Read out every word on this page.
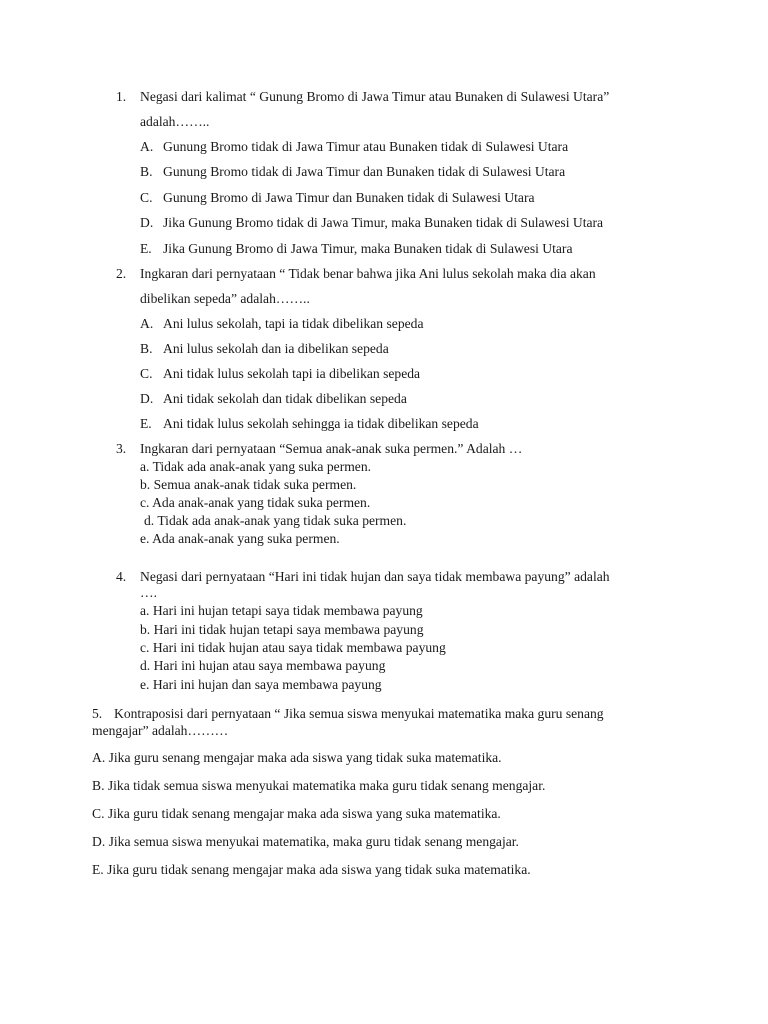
1. Negasi dari kalimat “ Gunung Bromo di Jawa Timur atau Bunaken di Sulawesi Utara”
adalah……..
A. Gunung Bromo tidak di Jawa Timur atau Bunaken tidak di Sulawesi Utara
B. Gunung Bromo tidak di Jawa Timur dan Bunaken tidak di Sulawesi Utara
C. Gunung Bromo di Jawa Timur dan Bunaken tidak di Sulawesi Utara
D. Jika Gunung Bromo tidak di Jawa Timur, maka Bunaken tidak di Sulawesi Utara
E. Jika Gunung Bromo di Jawa Timur, maka Bunaken tidak di Sulawesi Utara
2. Ingkaran dari pernyataan “ Tidak benar bahwa jika Ani lulus sekolah maka dia akan
dibelikan sepeda” adalah……..
A. Ani lulus sekolah, tapi ia tidak dibelikan sepeda
B. Ani lulus sekolah dan ia dibelikan sepeda
C. Ani tidak lulus sekolah tapi ia dibelikan sepeda
D. Ani tidak sekolah dan tidak dibelikan sepeda
E. Ani tidak lulus sekolah sehingga ia tidak dibelikan sepeda
3. Ingkaran dari pernyataan “Semua anak-anak suka permen.” Adalah …
a. Tidak ada anak-anak yang suka permen.
b. Semua anak-anak tidak suka permen.
c. Ada anak-anak yang tidak suka permen.
d. Tidak ada anak-anak yang tidak suka permen.
e. Ada anak-anak yang suka permen.
4. Negasi dari pernyataan “Hari ini tidak hujan dan saya tidak membawa payung” adalah
….
a. Hari ini hujan tetapi saya tidak membawa payung
b. Hari ini tidak hujan tetapi saya membawa payung
c. Hari ini tidak hujan atau saya tidak membawa payung
d. Hari ini hujan atau saya membawa payung
e. Hari ini hujan dan saya membawa payung
5. Kontraposisi dari pernyataan “ Jika semua siswa menyukai matematika maka guru senang
mengajar” adalah………
A. Jika guru senang mengajar maka ada siswa yang tidak suka matematika.
B. Jika tidak semua siswa menyukai matematika maka guru tidak senang mengajar.
C. Jika guru tidak senang mengajar maka ada siswa yang suka matematika.
D. Jika semua siswa menyukai matematika, maka guru tidak senang mengajar.
E. Jika guru tidak senang mengajar maka ada siswa yang tidak suka matematika.
